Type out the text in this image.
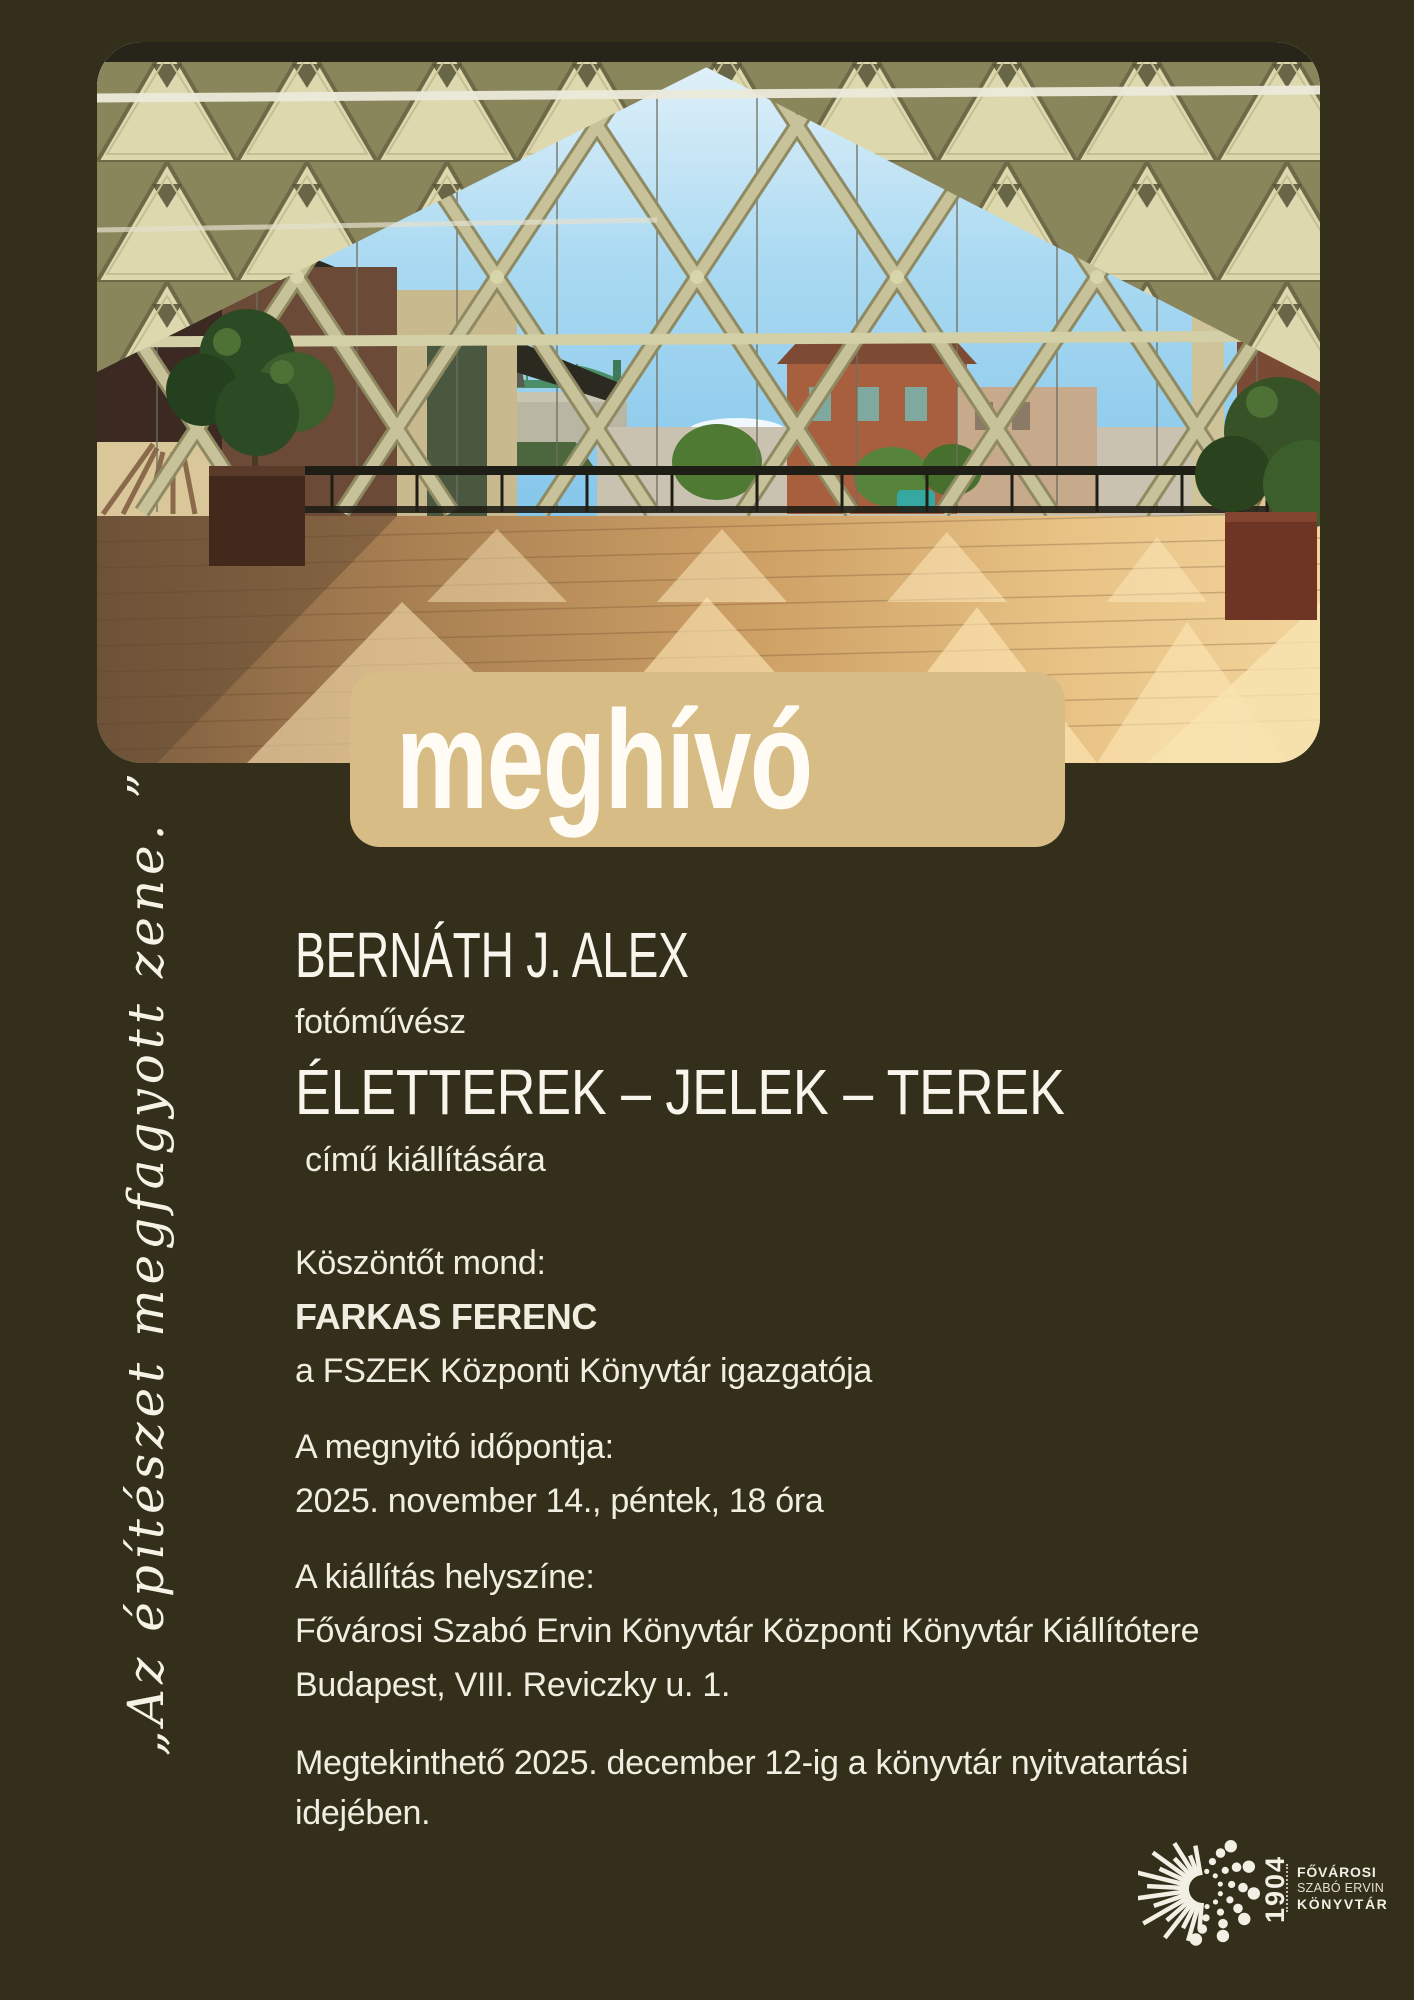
meghívó
„Az építészet megfagyott zene. ” BERNÁTH J. ALEX
fotóművész
ÉLETTEREK – JELEK – TEREK
című kiállítására
Köszöntőt mond:
FARKAS FERENC
a FSZEK Központi Könyvtár igazgatója
A megnyitó időpontja:
2025. november 14., péntek, 18 óra
A kiállítás helyszíne:
Fővárosi Szabó Ervin Könyvtár Központi Könyvtár Kiállítótere
Budapest, VIII. Reviczky u. 1.
Megtekinthető 2025. december 12-ig a könyvtár nyitvatartási
idejében.
1904 FŐVÁROSI
SZABÓ ERVIN
KÖNYVTÁR
